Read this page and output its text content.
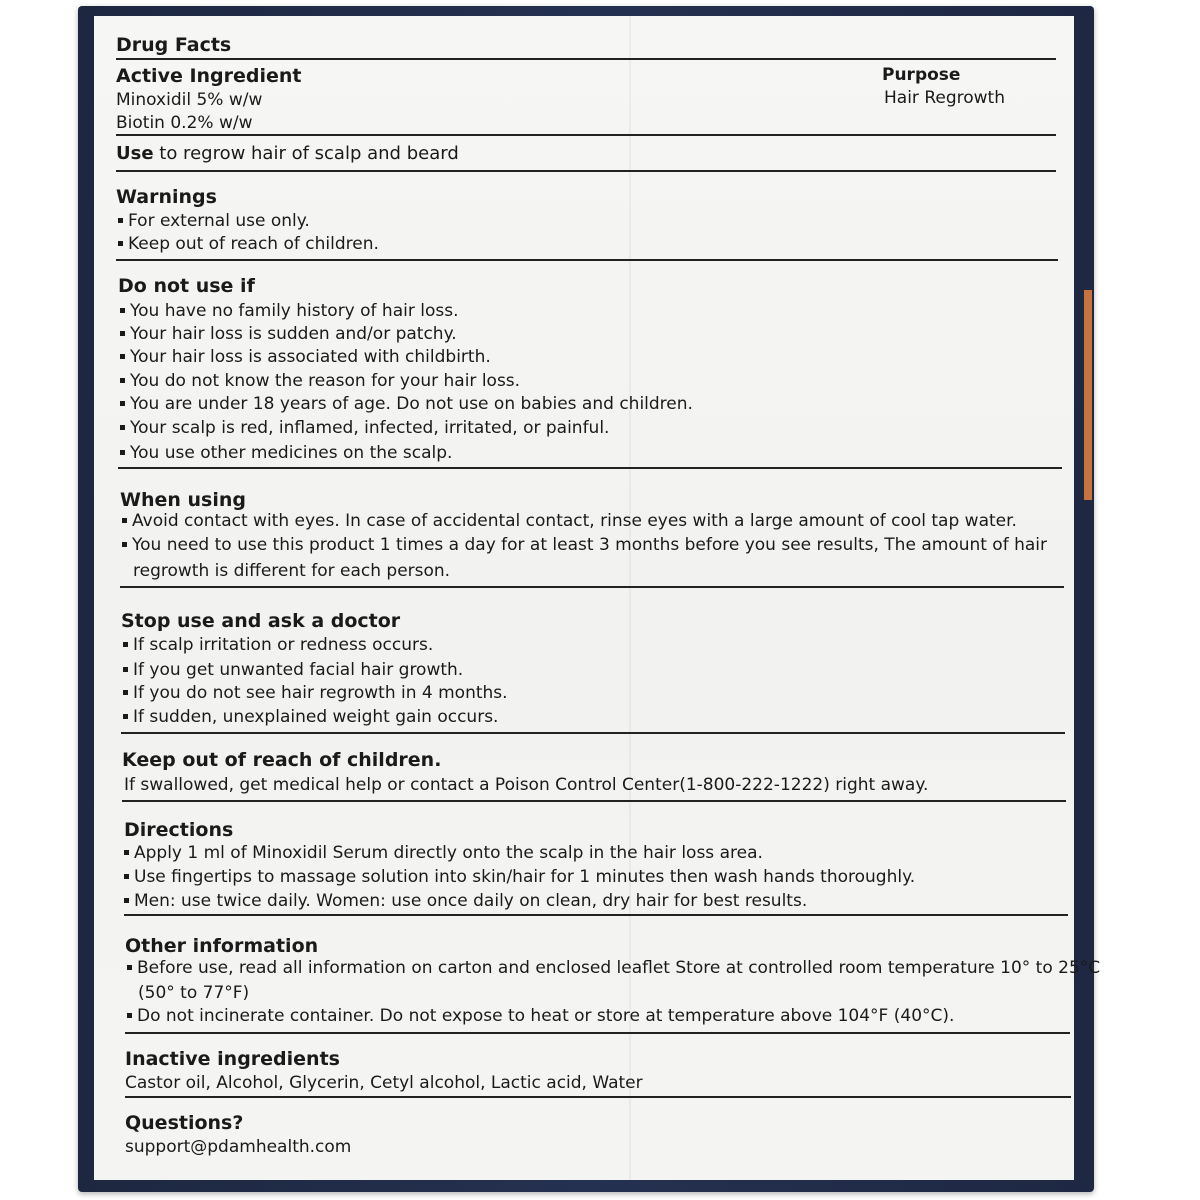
Drug Facts
Active Ingredient
Minoxidil 5% w/w
Biotin 0.2% w/w
Purpose
Hair Regrowth
Use to regrow hair of scalp and beard
Warnings
For external use only.
Keep out of reach of children.
Do not use if
You have no family history of hair loss.
Your hair loss is sudden and/or patchy.
Your hair loss is associated with childbirth.
You do not know the reason for your hair loss.
You are under 18 years of age. Do not use on babies and children.
Your scalp is red, inflamed, infected, irritated, or painful.
You use other medicines on the scalp.
When using
Avoid contact with eyes. In case of accidental contact, rinse eyes with a large amount of cool tap water.
You need to use this product 1 times a day for at least 3 months before you see results, The amount of hair
regrowth is different for each person.
Stop use and ask a doctor
If scalp irritation or redness occurs.
If you get unwanted facial hair growth.
If you do not see hair regrowth in 4 months.
If sudden, unexplained weight gain occurs.
Keep out of reach of children.
If swallowed, get medical help or contact a Poison Control Center(1-800-222-1222) right away.
Directions
Apply 1 ml of Minoxidil Serum directly onto the scalp in the hair loss area.
Use fingertips to massage solution into skin/hair for 1 minutes then wash hands thoroughly.
Men: use twice daily. Women: use once daily on clean, dry hair for best results.
Other information
Before use, read all information on carton and enclosed leaflet Store at controlled room temperature 10° to 25°C
(50° to 77°F)
Do not incinerate container. Do not expose to heat or store at temperature above 104°F (40°C).
Inactive ingredients
Castor oil, Alcohol, Glycerin, Cetyl alcohol, Lactic acid, Water
Questions?
support@pdamhealth.com
